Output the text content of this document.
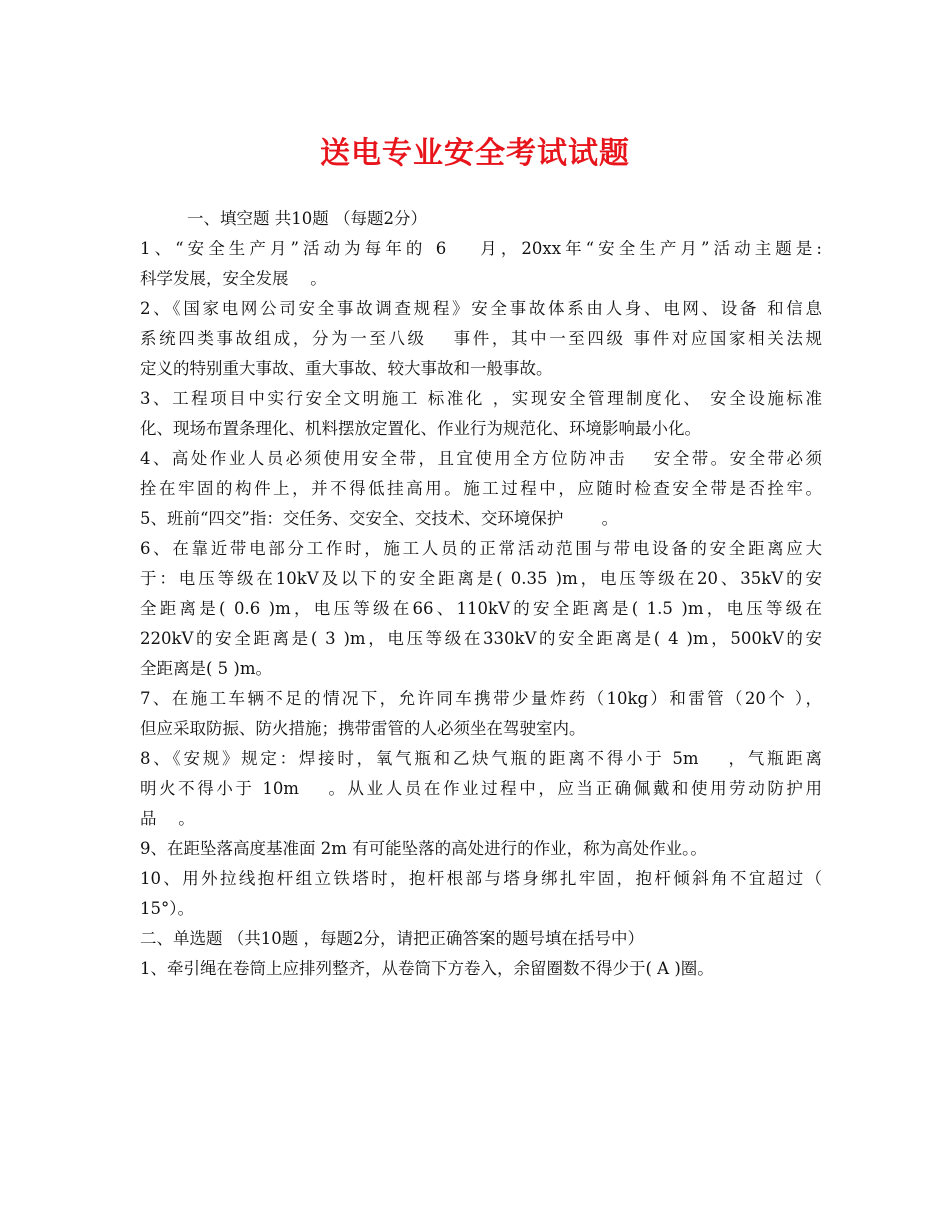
送电专业安全考试试题
一、填空题 共10题 （每题2分）
1、“安全生产月”活动为每年的 6　 月，20xx年“安全生产月”活动主题是:
科学发展，安全发展　 。
2、《国家电网公司安全事故调查规程》安全事故体系由人身、电网、设备 和信息
系统四类事故组成，分为一至八级　 事件，其中一至四级 事件对应国家相关法规
定义的特别重大事故、重大事故、较大事故和一般事故。
3、工程项目中实行安全文明施工 标准化 ，实现安全管理制度化、 安全设施标准
化、现场布置条理化、机料摆放定置化、作业行为规范化、环境影响最小化。
4、高处作业人员必须使用安全带，且宜使用全方位防冲击　 安全带。安全带必须
拴在牢固的构件上，并不得低挂高用。施工过程中，应随时检查安全带是否拴牢。
5、班前“四交”指：交任务、交安全、交技术、交环境保护　　 。
6、在靠近带电部分工作时，施工人员的正常活动范围与带电设备的安全距离应大
于：电压等级在10kV及以下的安全距离是( 0.35 )m，电压等级在20、35kV的安
全距离是( 0.6 )m，电压等级在66、110kV的安全距离是( 1.5 )m，电压等级在
220kV的安全距离是( 3 )m，电压等级在330kV的安全距离是( 4 )m，500kV的安
全距离是( 5 )m。
7、在施工车辆不足的情况下，允许同车携带少量炸药（10kg）和雷管（20个 ），
但应采取防振、防火措施；携带雷管的人必须坐在驾驶室内。
8、《安规》规定：焊接时，氧气瓶和乙炔气瓶的距离不得小于 5m　 ，气瓶距离
明火不得小于 10m　 。从业人员在作业过程中，应当正确佩戴和使用劳动防护用
品　 。
9、在距坠落高度基准面 2m 有可能坠落的高处进行的作业，称为高处作业。。
10、用外拉线抱杆组立铁塔时，抱杆根部与塔身绑扎牢固，抱杆倾斜角不宜超过（
15°）。
二、单选题 （共10题 ，每题2分，请把正确答案的题号填在括号中）
1、牵引绳在卷筒上应排列整齐，从卷筒下方卷入，余留圈数不得少于( A )圈。
